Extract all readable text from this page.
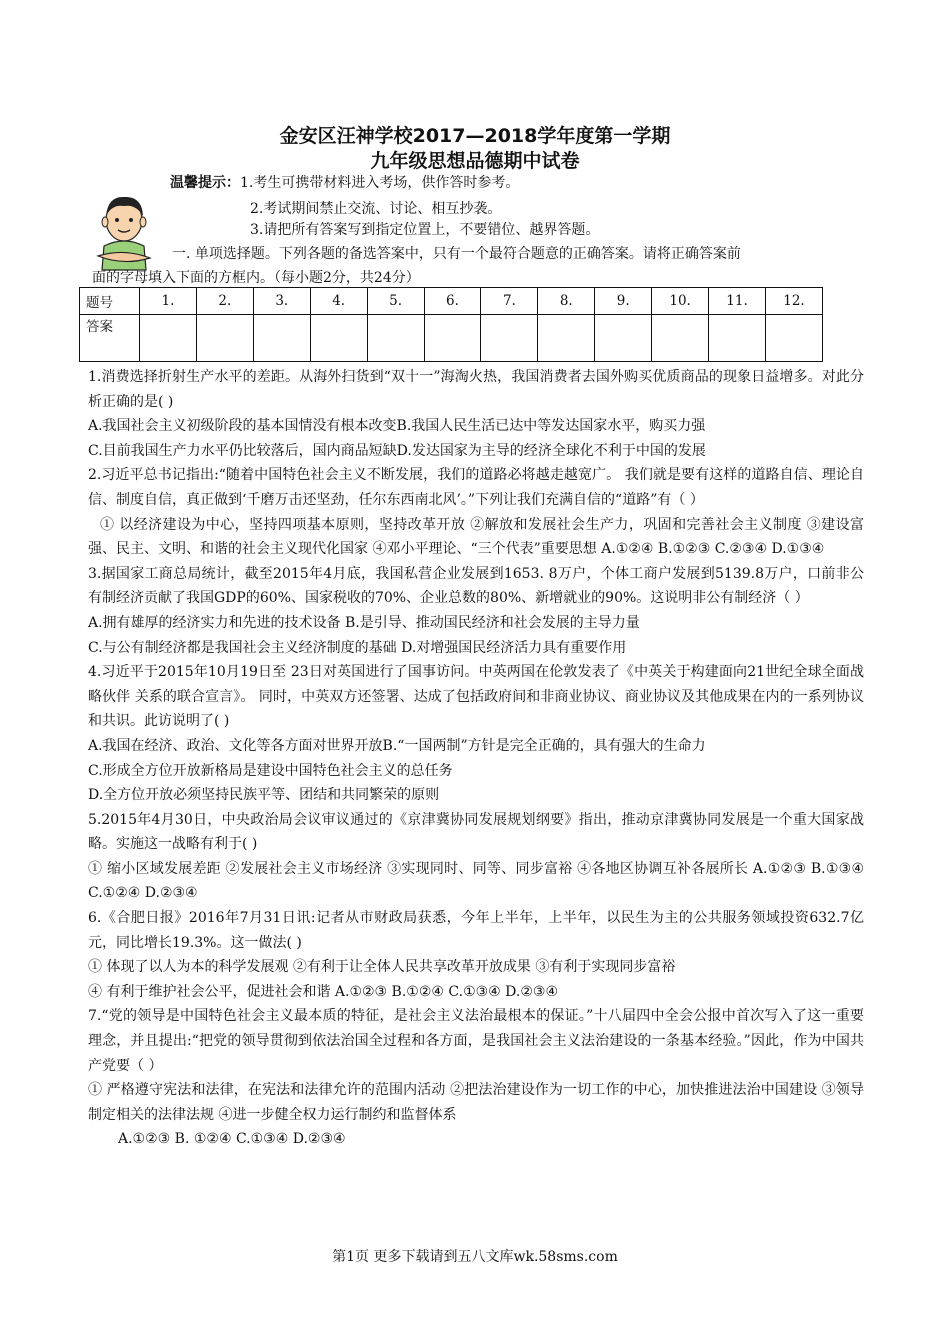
金安区汪神学校2017—2018学年度第一学期
九年级思想品德期中试卷
温馨提示：1.考生可携带材料进入考场，供作答时参考。
2.考试期间禁止交流、讨论、相互抄袭。
3.请把所有答案写到指定位置上，不要错位、越界答题。
一. 单项选择题。下列各题的备选答案中，只有一个最符合题意的正确答案。请将正确答案前
面的字母填入下面的方框内。（每小题2分，共24分）
题号	1.	2.	3.	4.	5.	6.	7.	8.	9.	10.	11.	12.
答案												

1.消费选择折射生产水平的差距。从海外扫货到“双十一”海淘火热，我国消费者去国外购买优质商品的现象日益增多。对此分析正确的是( )

A.我国社会主义初级阶段的基本国情没有根本改变B.我国人民生活已达中等发达国家水平，购买力强

C.目前我国生产力水平仍比较落后，国内商品短缺D.发达国家为主导的经济全球化不利于中国的发展

2.习近平总书记指出:“随着中国特色社会主义不断发展，我们的道路必将越走越宽广。 我们就是要有这样的道路自信、理论自信、制度自信，真正做到‘千磨万击还坚劲，任尔东西南北风’。”下列让我们充满自信的“道路”有（ ）

① 以经济建设为中心，坚持四项基本原则，坚持改革开放 ②解放和发展社会生产力，巩固和完善社会主义制度 ③建设富强、民主、文明、和谐的社会主义现代化国家 ④邓小平理论、“三个代表”重要思想 A.①②④ B.①②③ C.②③④ D.①③④

3.据国家工商总局统计，截至2015年4月底，我国私营企业发展到1653. 8万户，个体工商户发展到5139.8万户，口前非公有制经济贡献了我国GDP的60%、国家税收的70%、企业总数的80%、新增就业的90%。这说明非公有制经济（ ）

A.拥有雄厚的经济实力和先进的技术设备 B.是引导、推动国民经济和社会发展的主导力量

C.与公有制经济都是我国社会主义经济制度的基础 D.对增强国民经济活力具有重要作用

4.习近平于2015年10月19日至 23日对英国进行了国事访问。中英两国在伦敦发表了《中英关于构建面向21世纪全球全面战略伙伴 关系的联合宣言》。 同时，中英双方还签署、达成了包括政府间和非商业协议、商业协议及其他成果在内的一系列协议和共识。此访说明了( )

A.我国在经济、政治、文化等各方面对世界开放B.“一国两制”方针是完全正确的，具有强大的生命力

C.形成全方位开放新格局是建设中国特色社会主义的总任务

D.全方位开放必须坚持民族平等、团结和共同繁荣的原则

5.2015年4月30日，中央政治局会议审议通过的《京津冀协同发展规划纲要》指出，推动京津冀协同发展是一个重大国家战略。实施这一战略有利于( )

① 缩小区域发展差距 ②发展社会主义市场经济 ③实现同时、同等、同步富裕 ④各地区协调互补各展所长 A.①②③ B.①③④ C.①②④ D.②③④

6.《合肥日报》2016年7月31日讯:记者从市财政局获悉，今年上半年，上半年，以民生为主的公共服务领域投资632.7亿元，同比增长19.3%。这一做法( )

① 体现了以人为本的科学发展观 ②有利于让全体人民共享改革开放成果 ③有利于实现同步富裕

④ 有利于维护社会公平，促进社会和谐 A.①②③ B.①②④ C.①③④ D.②③④

7.“党的领导是中国特色社会主义最本质的特征，是社会主义法治最根本的保证。”十八届四中全会公报中首次写入了这一重要理念，并且提出:“把党的领导贯彻到依法治国全过程和各方面，是我国社会主义法治建设的一条基本经验。”因此，作为中国共产党要（ ）

① 严格遵守宪法和法律，在宪法和法律允许的范围内活动 ②把法治建设作为一切工作的中心，加快推进法治中国建设 ③领导制定相关的法律法规 ④进一步健全权力运行制约和监督体系

A.①②③ B. ①②④ C.①③④ D.②③④

第1页 更多下载请到五八文库wk.58sms.com
